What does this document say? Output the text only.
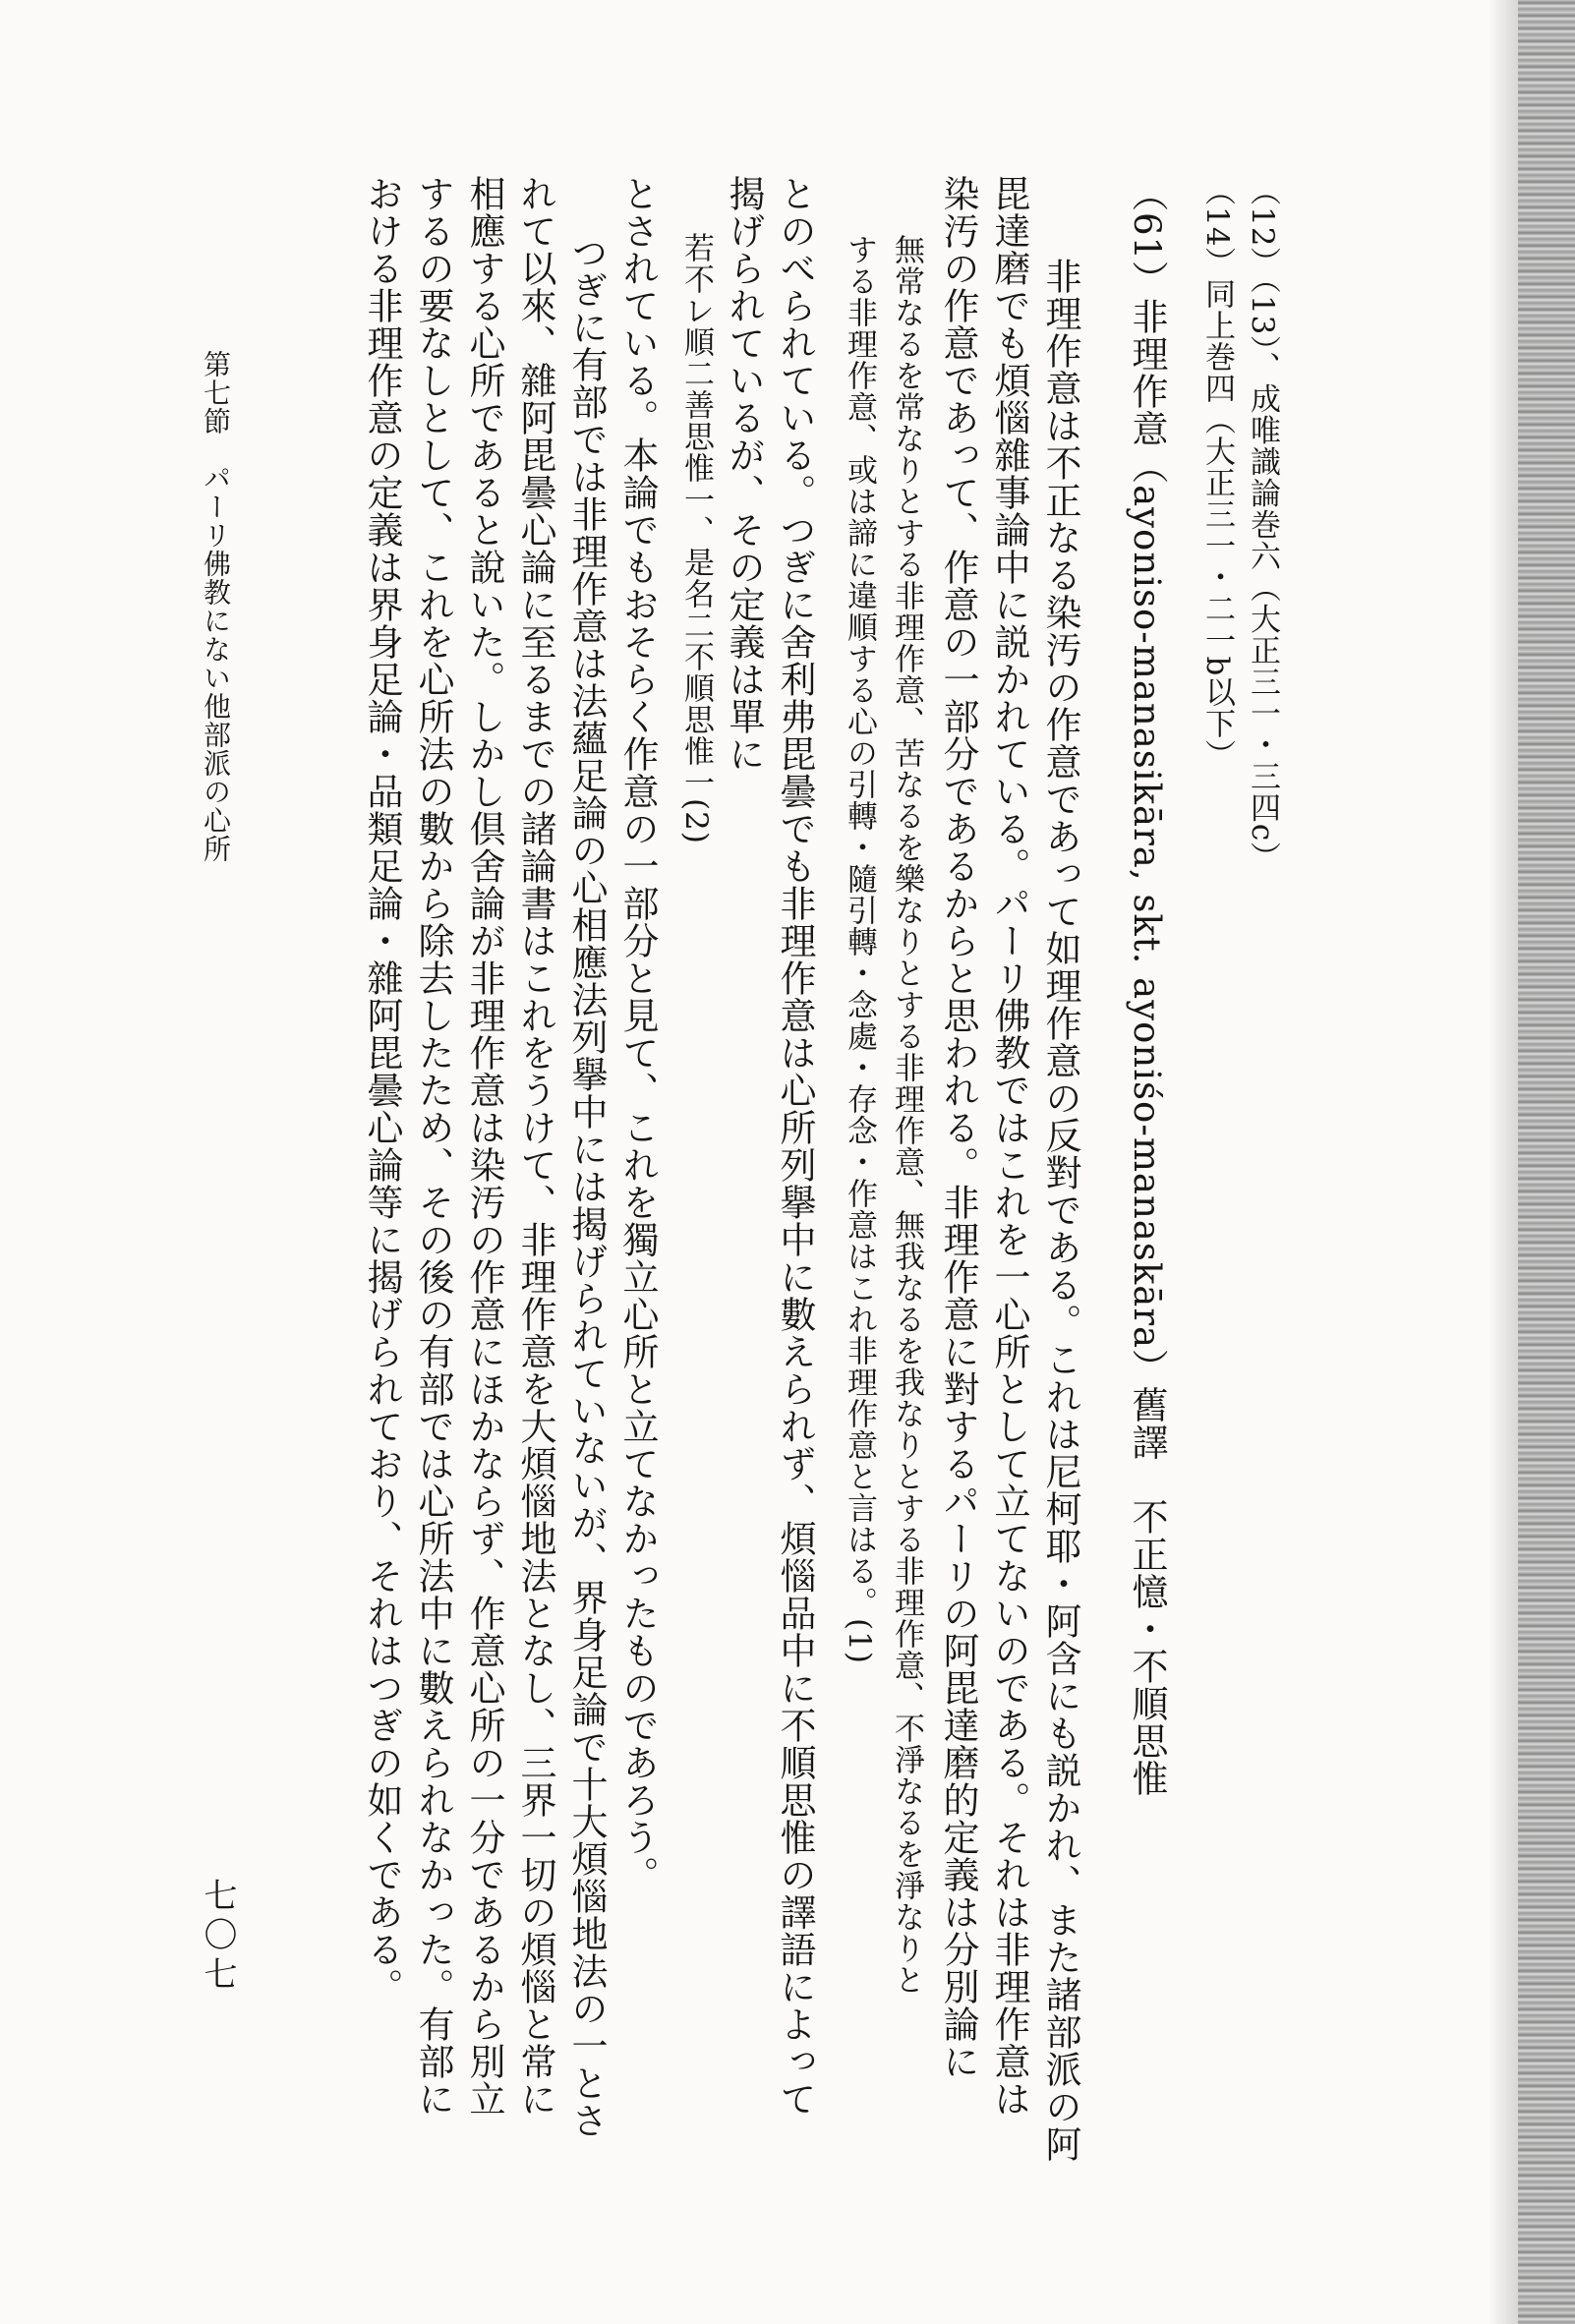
（12）（13）、成唯識論巻六（大正三一・三四c）
（14）同上巻四（大正三一・二一b以下）
（61）非理作意（ayoniso-manasikāra, skt. ayoniśo-manaskāra）舊譯　不正憶・不順思惟
非理作意は不正なる染汚の作意であって如理作意の反對である。これは尼柯耶・阿含にも説かれ、また諸部派の阿
毘達磨でも煩惱雜事論中に説かれている。パーリ佛教ではこれを一心所として立てないのである。それは非理作意は
染汚の作意であって、作意の一部分であるからと思われる。非理作意に對するパーリの阿毘達磨的定義は分別論に
無常なるを常なりとする非理作意、苦なるを樂なりとする非理作意、無我なるを我なりとする非理作意、不淨なるを淨なりと
する非理作意、或は諦に違順する心の引轉・隨引轉・念處・存念・作意はこれ非理作意と言はる。(1)
とのべられている。つぎに舍利弗毘曇でも非理作意は心所列擧中に數えられず、煩惱品中に不順思惟の譯語によって
揭げられているが、その定義は單に
若不レ順二善思惟一、是名二不順思惟一(2)
とされている。本論でもおそらく作意の一部分と見て、これを獨立心所と立てなかったものであろう。
つぎに有部では非理作意は法蘊足論の心相應法列擧中には揭げられていないが、界身足論で十大煩惱地法の一とさ
れて以來、雜阿毘曇心論に至るまでの諸論書はこれをうけて、非理作意を大煩惱地法となし、三界一切の煩惱と常に
相應する心所であると說いた。しかし倶舍論が非理作意は染汚の作意にほかならず、作意心所の一分であるから別立
するの要なしとして、これを心所法の數から除去したため、その後の有部では心所法中に數えられなかった。有部に
おける非理作意の定義は界身足論・品類足論・雜阿毘曇心論等に揭げられており、それはつぎの如くである。
第七節　パーリ佛教にない他部派の心所
七〇七
